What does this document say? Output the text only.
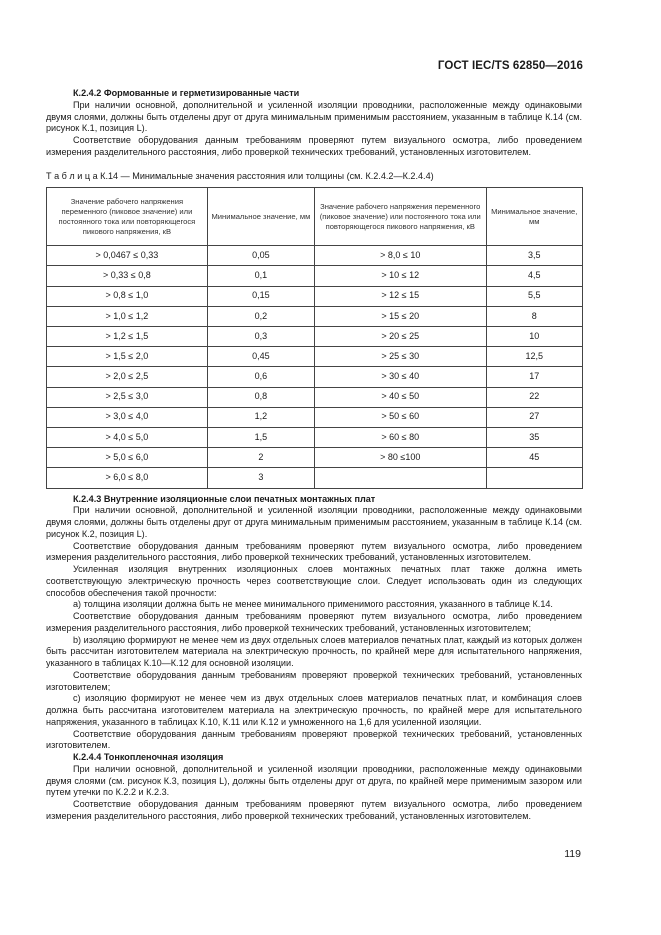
ГОСТ IEC/TS 62850—2016

К.2.4.2 Формованные и герметизированные части

При наличии основной, дополнительной и усиленной изоляции проводники, расположенные между одинаковыми двумя слоями, должны быть отделены друг от друга минимальным применимым расстоянием, указанным в таблице К.14 (см. рисунок К.1, позиция L).

Соответствие оборудования данным требованиям проверяют путем визуального осмотра, либо проведением измерения разделительного расстояния, либо проверкой технических требований, установленных изготовителем.

Т а б л и ц а К.14 — Минимальные значения расстояния или толщины (см. К.2.4.2—К.2.4.4)

Значение рабочего напряжения переменного (пиковое значение) или постоянного тока или повторяющегося пикового напряжения, кВ	Минимальное значение, мм	Значение рабочего напряжения переменного (пиковое значение) или постоянного тока или повторяющегося пикового напряжения, кВ	Минимальное значение, мм
> 0,0467 ≤ 0,33	0,05	> 8,0 ≤ 10	3,5
> 0,33 ≤ 0,8	0,1	> 10 ≤ 12	4,5
> 0,8 ≤ 1,0	0,15	> 12 ≤ 15	5,5
> 1,0 ≤ 1,2	0,2	> 15 ≤ 20	8
> 1,2 ≤ 1,5	0,3	> 20 ≤ 25	10
> 1,5 ≤ 2,0	0,45	> 25 ≤ 30	12,5
> 2,0 ≤ 2,5	0,6	> 30 ≤ 40	17
> 2,5 ≤ 3,0	0,8	> 40 ≤ 50	22
> 3,0 ≤ 4,0	1,2	> 50 ≤ 60	27
> 4,0 ≤ 5,0	1,5	> 60 ≤ 80	35
> 5,0 ≤ 6,0	2	> 80 ≤100	45
> 6,0 ≤ 8,0	3		

К.2.4.3 Внутренние изоляционные слои печатных монтажных плат

При наличии основной, дополнительной и усиленной изоляции проводники, расположенные между одинаковыми двумя слоями, должны быть отделены друг от друга минимальным применимым расстоянием, указанным в таблице К.14 (см. рисунок К.2, позиция L).

Соответствие оборудования данным требованиям проверяют путем визуального осмотра, либо проведением измерения разделительного расстояния, либо проверкой технических требований, установленных изготовителем.

Усиленная изоляция внутренних изоляционных слоев монтажных печатных плат также должна иметь соответствующую электрическую прочность через соответствующие слои. Следует использовать один из следующих способов обеспечения такой прочности:

a) толщина изоляции должна быть не менее минимального применимого расстояния, указанного в таблице К.14.

Соответствие оборудования данным требованиям проверяют путем визуального осмотра, либо проведением измерения разделительного расстояния, либо проверкой технических требований, установленных изготовителем;

b) изоляцию формируют не менее чем из двух отдельных слоев материалов печатных плат, каждый из которых должен быть рассчитан изготовителем материала на электрическую прочность, по крайней мере для испытательного напряжения, указанного в таблицах К.10—К.12 для основной изоляции.

Соответствие оборудования данным требованиям проверяют проверкой технических требований, установленных изготовителем;

c) изоляцию формируют не менее чем из двух отдельных слоев материалов печатных плат, и комбинация слоев должна быть рассчитана изготовителем материала на электрическую прочность, по крайней мере для испытательного напряжения, указанного в таблицах К.10, К.11 или К.12 и умноженного на 1,6 для усиленной изоляции.

Соответствие оборудования данным требованиям проверяют проверкой технических требований, установленных изготовителем.

К.2.4.4 Тонкопленочная изоляция

При наличии основной, дополнительной и усиленной изоляции проводники, расположенные между одинаковыми двумя слоями (см. рисунок К.3, позиция L), должны быть отделены друг от друга, по крайней мере применимым зазором или путем утечки по К.2.2 и К.2.3.

Соответствие оборудования данным требованиям проверяют путем визуального осмотра, либо проведением измерения разделительного расстояния, либо проверкой технических требований, установленных изготовителем.

119
